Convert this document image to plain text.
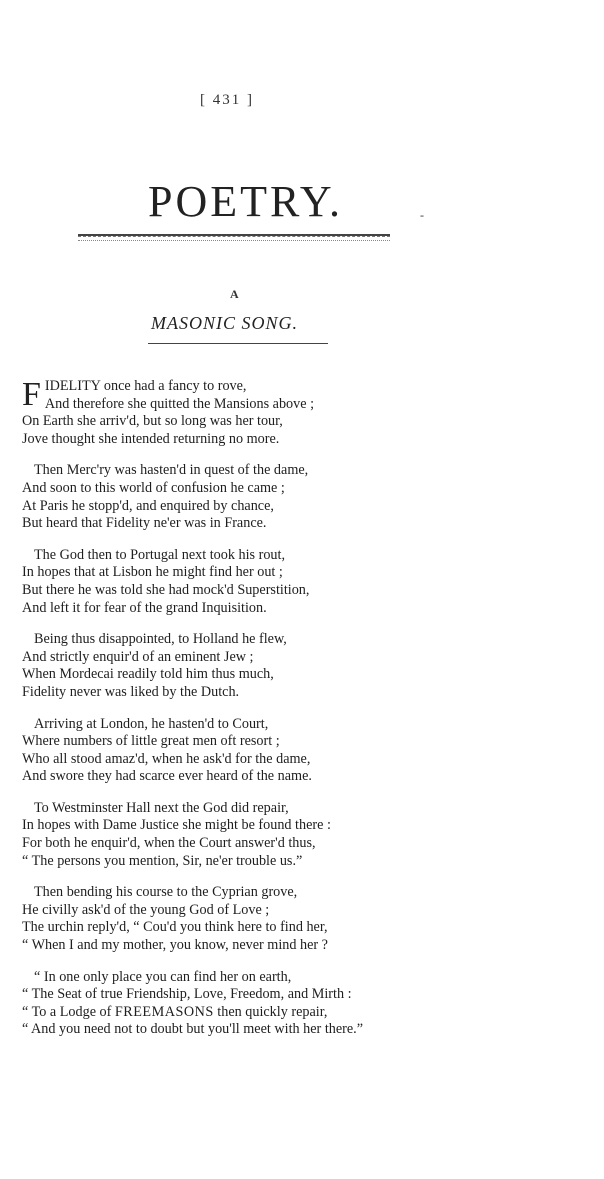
[ 431 ]
POETRY.	-
A
MASONIC SONG.
F IDELITY once had a fancy to rove,
And therefore she quitted the Mansions above ;
On Earth she arriv'd, but so long was her tour,
Jove thought she intended returning no more.
Then Merc'ry was hasten'd in quest of the dame,
And soon to this world of confusion he came ;
At Paris he stopp'd, and enquired by chance,
But heard that Fidelity ne'er was in France.
The God then to Portugal next took his rout,
In hopes that at Lisbon he might find her out ;
But there he was told she had mock'd Superstition,
And left it for fear of the grand Inquisition.
Being thus disappointed, to Holland he flew,
And strictly enquir'd of an eminent Jew ;
When Mordecai readily told him thus much,
Fidelity never was liked by the Dutch.
Arriving at London, he hasten'd to Court,
Where numbers of little great men oft resort ;
Who all stood amaz'd, when he ask'd for the dame,
And swore they had scarce ever heard of the name.
To Westminster Hall next the God did repair,
In hopes with Dame Justice she might be found there :
For both he enquir'd, when the Court answer'd thus,
“ The persons you mention, Sir, ne'er trouble us.”
Then bending his course to the Cyprian grove,
He civilly ask'd of the young God of Love ;
The urchin reply'd, “ Cou'd you think here to find her,
“ When I and my mother, you know, never mind her ?
“ In one only place you can find her on earth,
“ The Seat of true Friendship, Love, Freedom, and Mirth :
“ To a Lodge of FREEMASONS then quickly repair,
“ And you need not to doubt but you'll meet with her there.”
